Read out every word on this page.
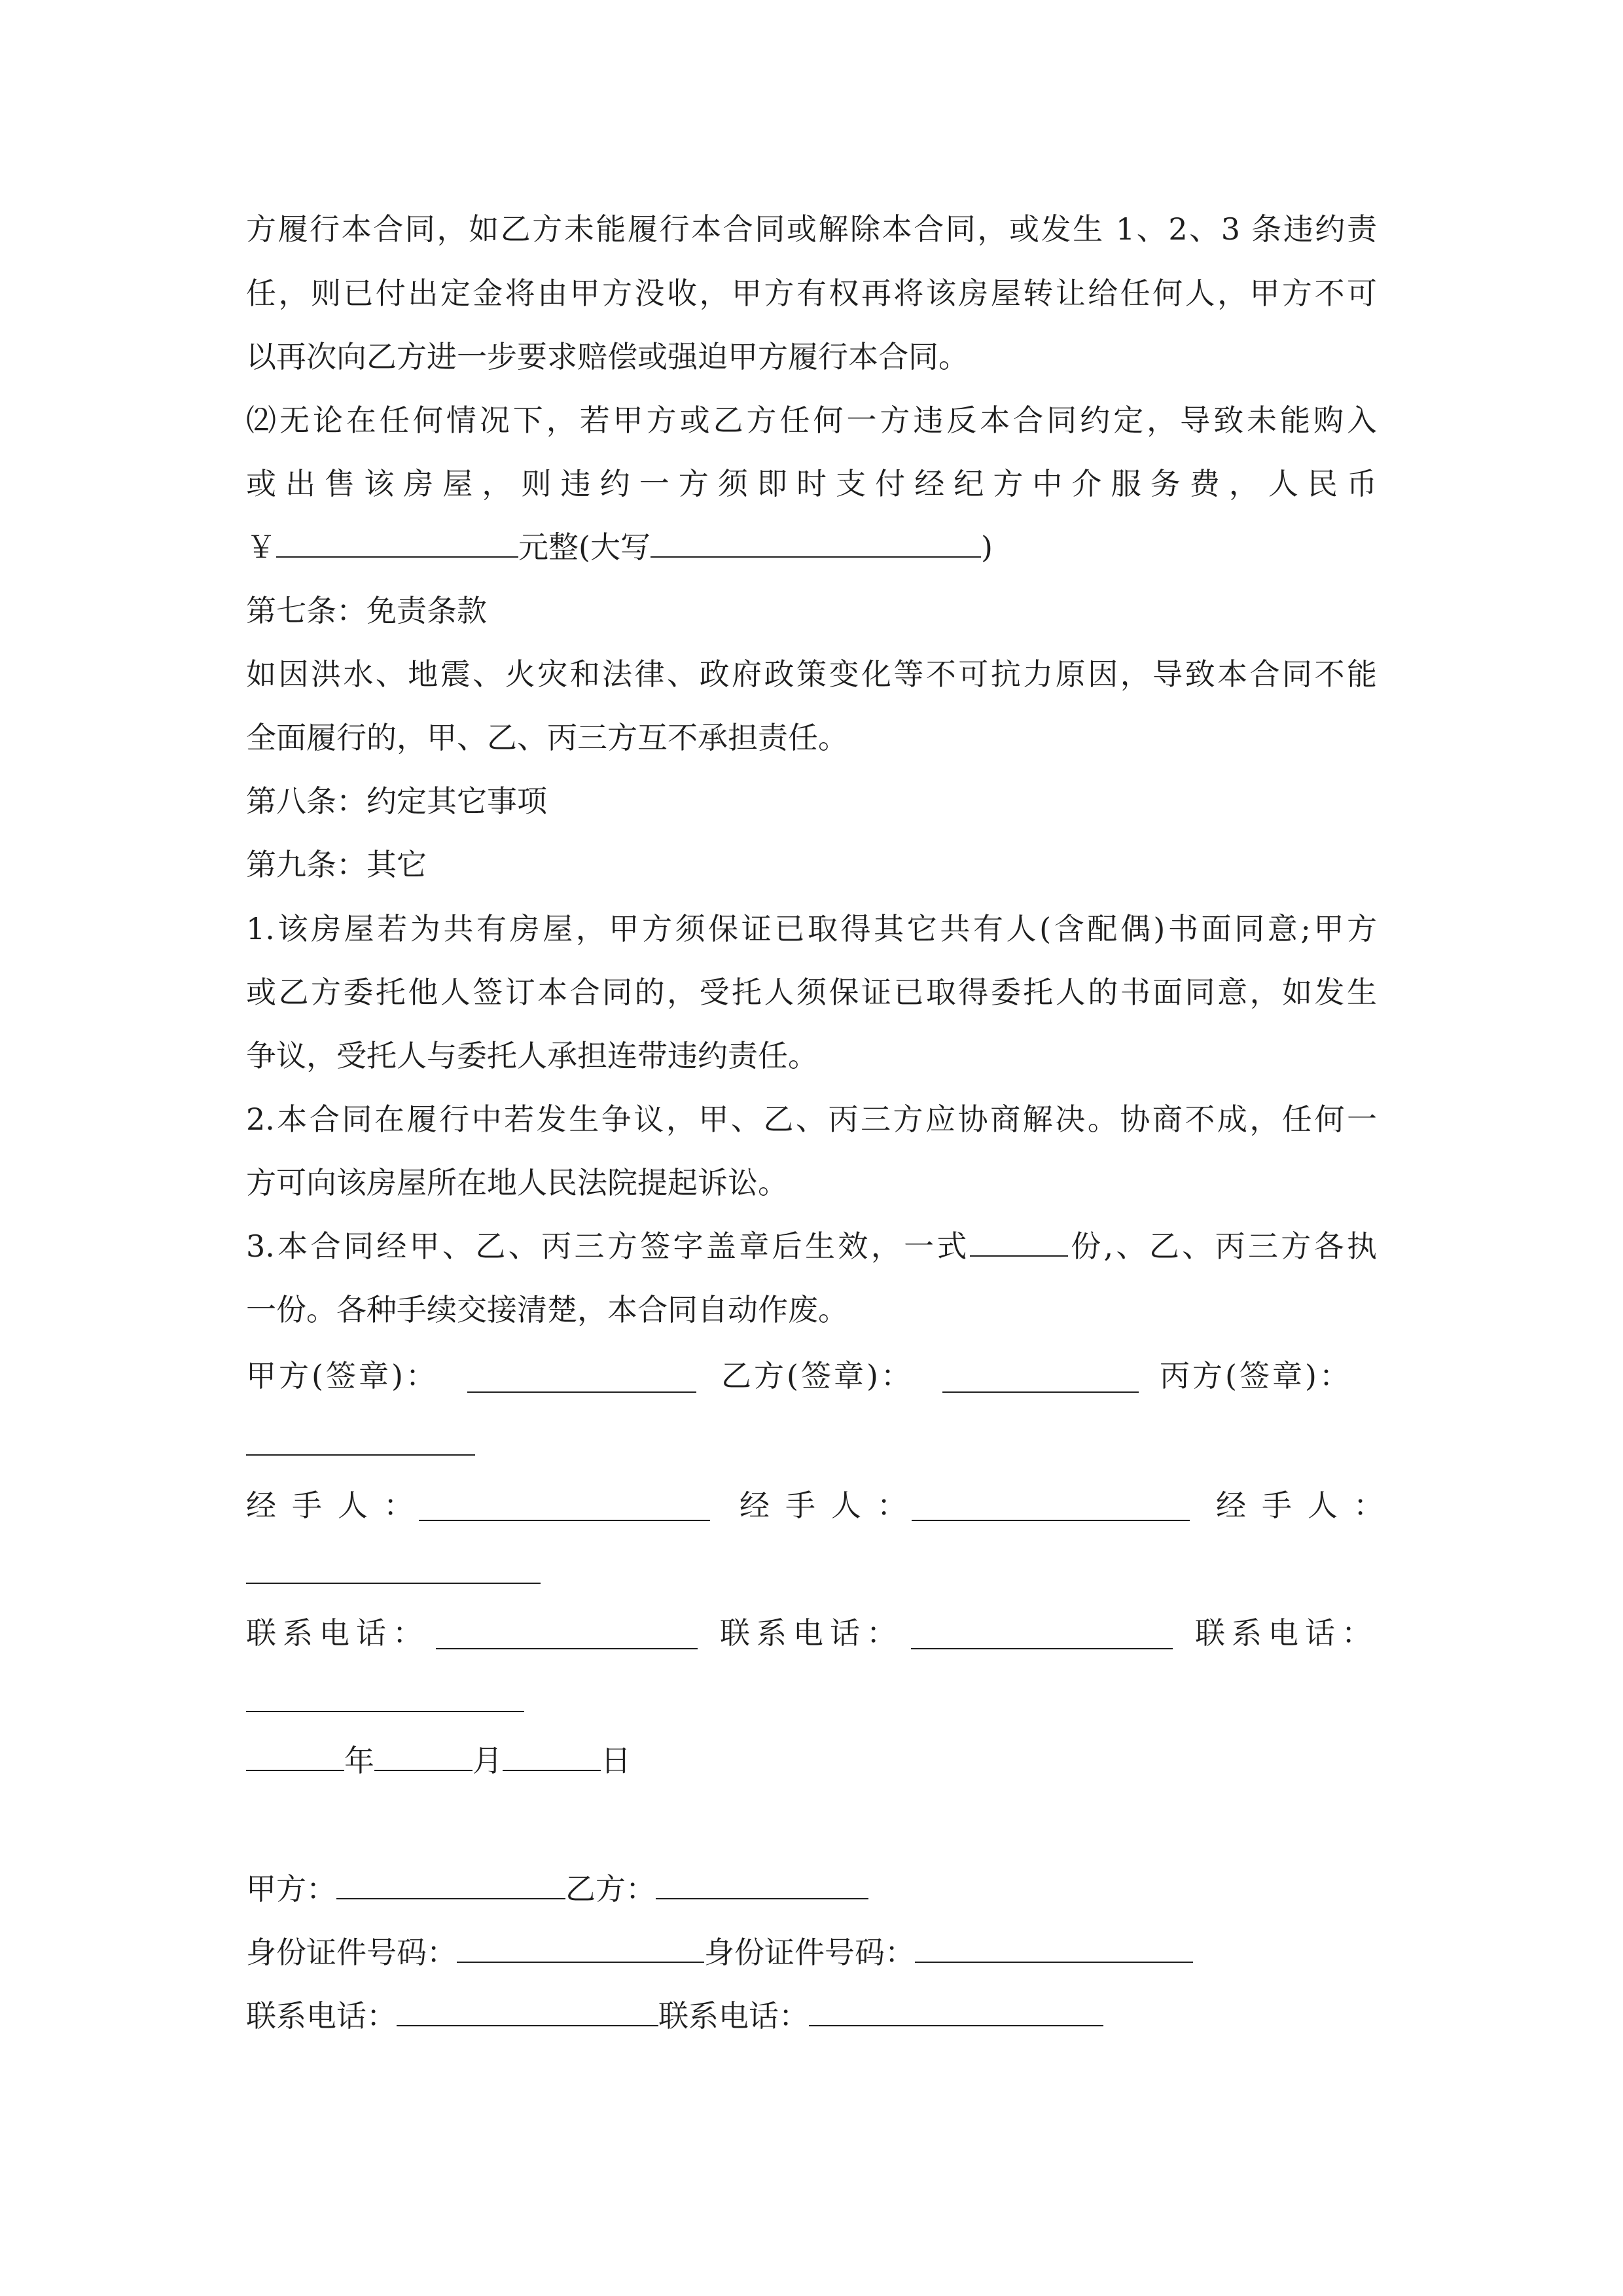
方履行本合同，如乙方未能履行本合同或解除本合同，或发生 1、2、3 条违约责
任，则已付出定金将由甲方没收，甲方有权再将该房屋转让给任何人，甲方不可
以再次向乙方进一步要求赔偿或强迫甲方履行本合同。
⑵无论在任何情况下，若甲方或乙方任何一方违反本合同约定，导致未能购入
或出售该房屋，则违约一方须即时支付经纪方中介服务费，人民币
￥	元整(大写	)
第七条：免责条款
如因洪水、地震、火灾和法律、政府政策变化等不可抗力原因，导致本合同不能
全面履行的，甲、乙、丙三方互不承担责任。
第八条：约定其它事项
第九条：其它
1.该房屋若为共有房屋，甲方须保证已取得其它共有人(含配偶)书面同意;甲方
或乙方委托他人签订本合同的，受托人须保证已取得委托人的书面同意，如发生
争议，受托人与委托人承担连带违约责任。
2.本合同在履行中若发生争议，甲、乙、丙三方应协商解决。协商不成，任何一
方可向该房屋所在地人民法院提起诉讼。
3.本合同经甲、乙、丙三方签字盖章后生效，一式	份,、乙、丙三方各执
一份。各种手续交接清楚，本合同自动作废。
甲方(签章)：	乙方(签章)：	丙方(签章)：
经手人：	经手人：	经手人：
联系电话：	联系电话：	联系电话：
年	月	日
甲方：	乙方：
身份证件号码：	身份证件号码：
联系电话：	联系电话：
